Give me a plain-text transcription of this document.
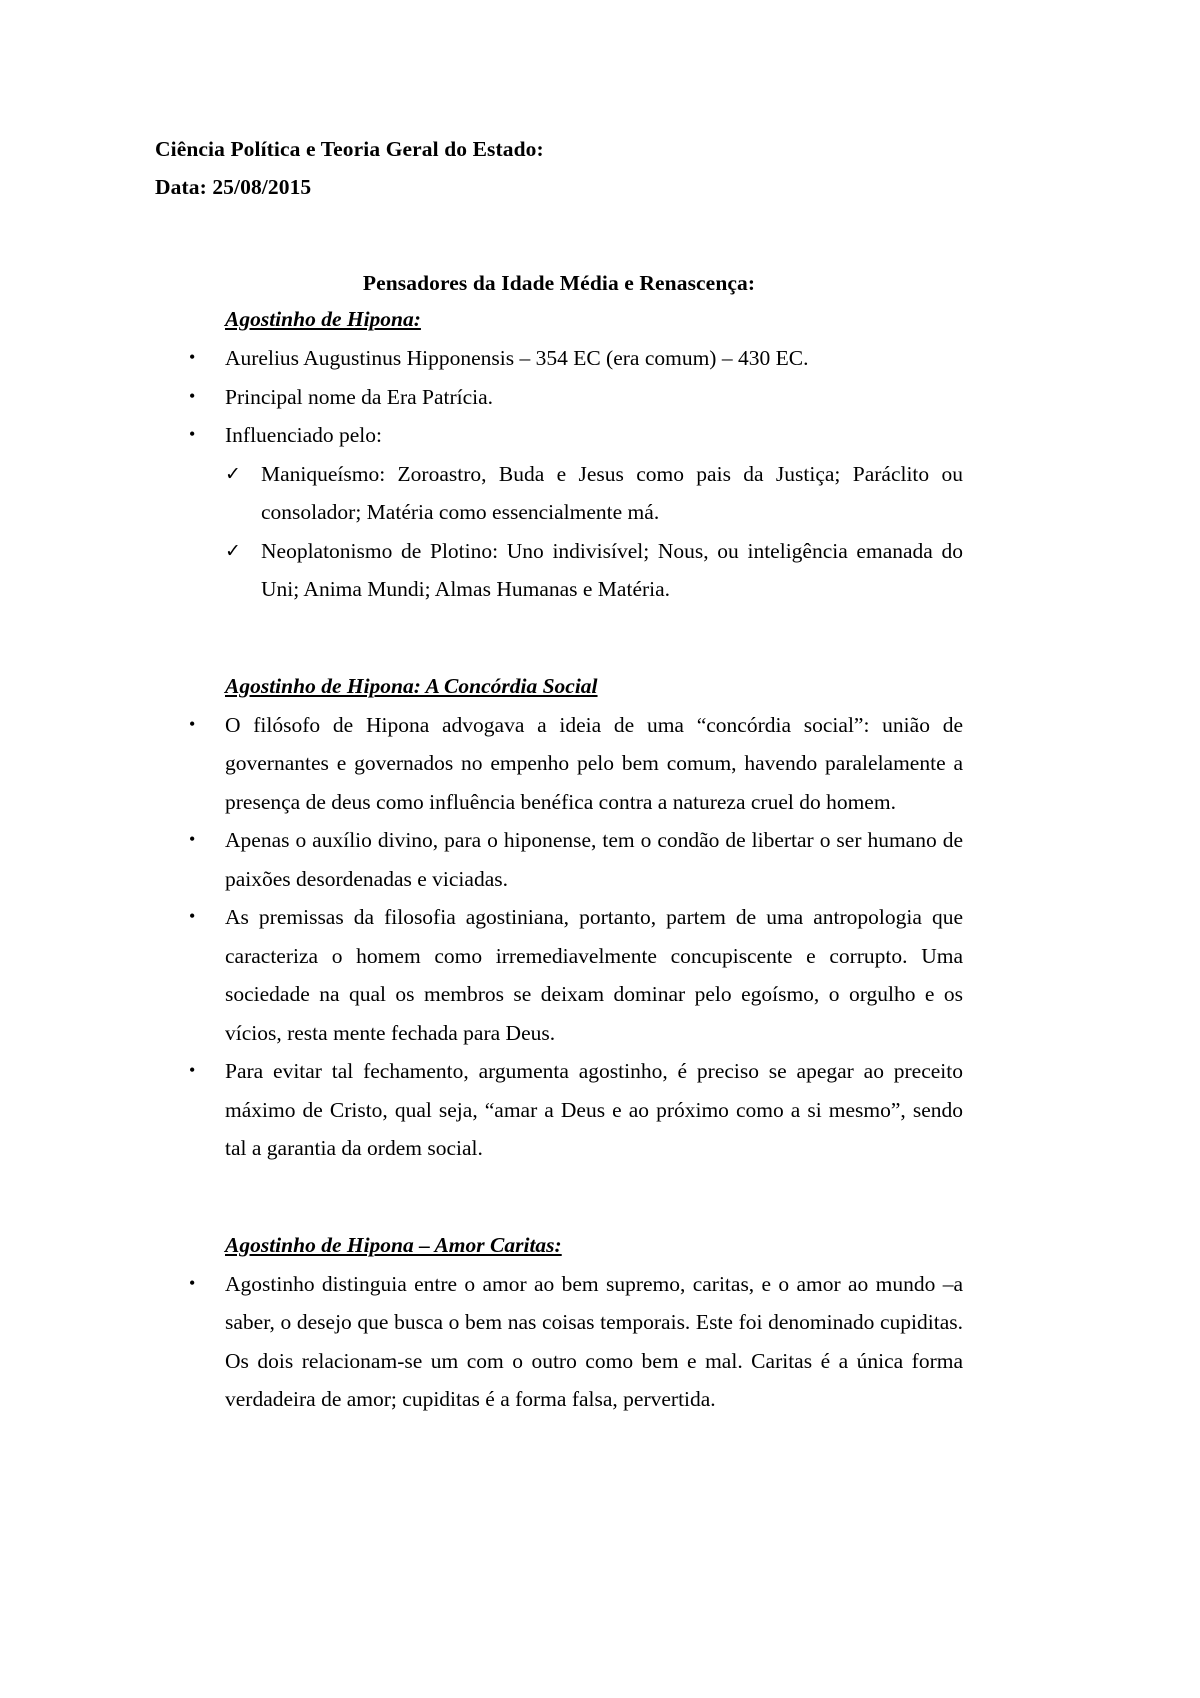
Ciência Política e Teoria Geral do Estado:
Data: 25/08/2015
Pensadores da Idade Média e Renascença:
Agostinho de Hipona:
• Aurelius Augustinus Hipponensis – 354 EC (era comum) – 430 EC.
• Principal nome da Era Patrícia.
• Influenciado pelo:
✓ Maniqueísmo: Zoroastro, Buda e Jesus como pais da Justiça; Paráclito ou consolador; Matéria como essencialmente má.
✓ Neoplatonismo de Plotino: Uno indivisível; Nous, ou inteligência emanada do Uni; Anima Mundi; Almas Humanas e Matéria.
Agostinho de Hipona: A Concórdia Social
• O filósofo de Hipona advogava a ideia de uma “concórdia social”: união de governantes e governados no empenho pelo bem comum, havendo paralelamente a presença de deus como influência benéfica contra a natureza cruel do homem.
• Apenas o auxílio divino, para o hiponense, tem o condão de libertar o ser humano de paixões desordenadas e viciadas.
• As premissas da filosofia agostiniana, portanto, partem de uma antropologia que caracteriza o homem como irremediavelmente concupiscente e corrupto. Uma sociedade na qual os membros se deixam dominar pelo egoísmo, o orgulho e os vícios, resta mente fechada para Deus.
• Para evitar tal fechamento, argumenta agostinho, é preciso se apegar ao preceito máximo de Cristo, qual seja, “amar a Deus e ao próximo como a si mesmo”, sendo tal a garantia da ordem social.
Agostinho de Hipona – Amor Caritas:
• Agostinho distinguia entre o amor ao bem supremo, caritas, e o amor ao mundo –a saber, o desejo que busca o bem nas coisas temporais. Este foi denominado cupiditas. Os dois relacionam-se um com o outro como bem e mal. Caritas é a única forma verdadeira de amor; cupiditas é a forma falsa, pervertida.
